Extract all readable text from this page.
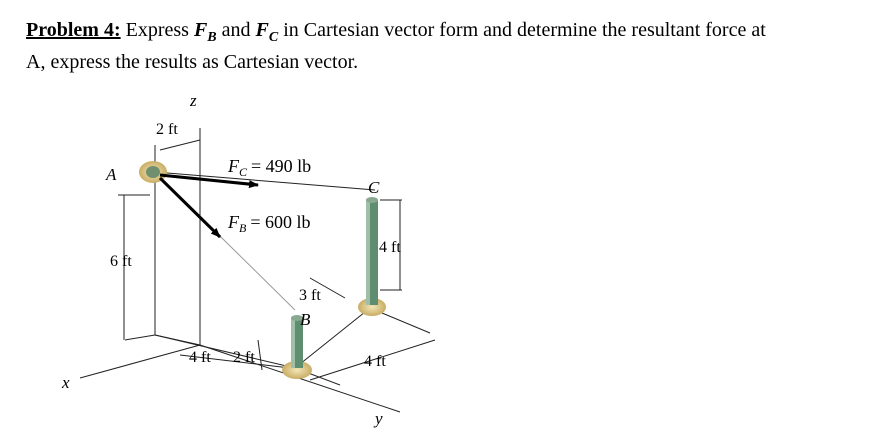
Problem 4: Express $F_B$ and $F_C$ in Cartesian vector form and determine the resultant force at
A, express the results as Cartesian vector.
z
x
y
A
B
C
$F_C = 490$ lb
$F_B = 600$ lb
2 ft
6 ft
4 ft
3 ft
4 ft 2 ft	4 ft
